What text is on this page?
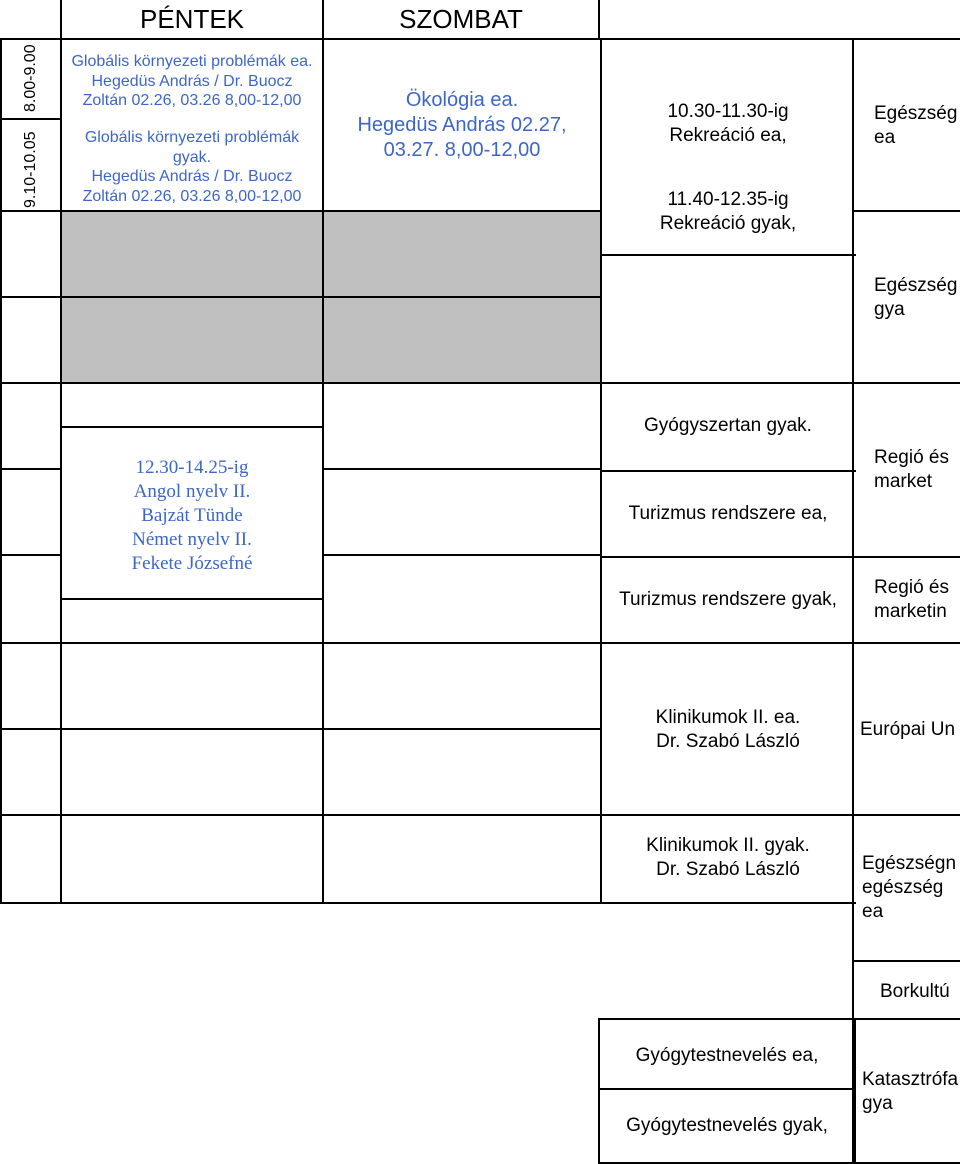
PÉNTEK	SZOMBAT
8.00-9.00
9.10-10.05
Globális környezeti problémák ea.
Hegedüs András / Dr. Buocz
Zoltán 02.26, 03.26 8,00-12,00
Globális környezeti problémák
gyak.
Hegedüs András / Dr. Buocz
Zoltán 02.26, 03.26 8,00-12,00
Ökológia ea.
Hegedüs András 02.27,
03.27. 8,00-12,00
12.30-14.25-ig
Angol nyelv II.
Bajzát Tünde
Német nyelv II.
Fekete Józsefné
10.30-11.30-ig
Rekreáció ea,
11.40-12.35-ig
Rekreáció gyak,
Gyógyszertan gyak.
Turizmus rendszere ea,
Turizmus rendszere gyak,
Klinikumok II. ea.
Dr. Szabó László
Klinikumok II. gyak.
Dr. Szabó László
Gyógytestnevelés ea,
Gyógytestnevelés gyak,
Egészség
ea
Egészség
gya
Regió és
market
Regió és
marketin
Európai Un
Egészségn
egészség
ea
Borkultú
Katasztrófa
gya
